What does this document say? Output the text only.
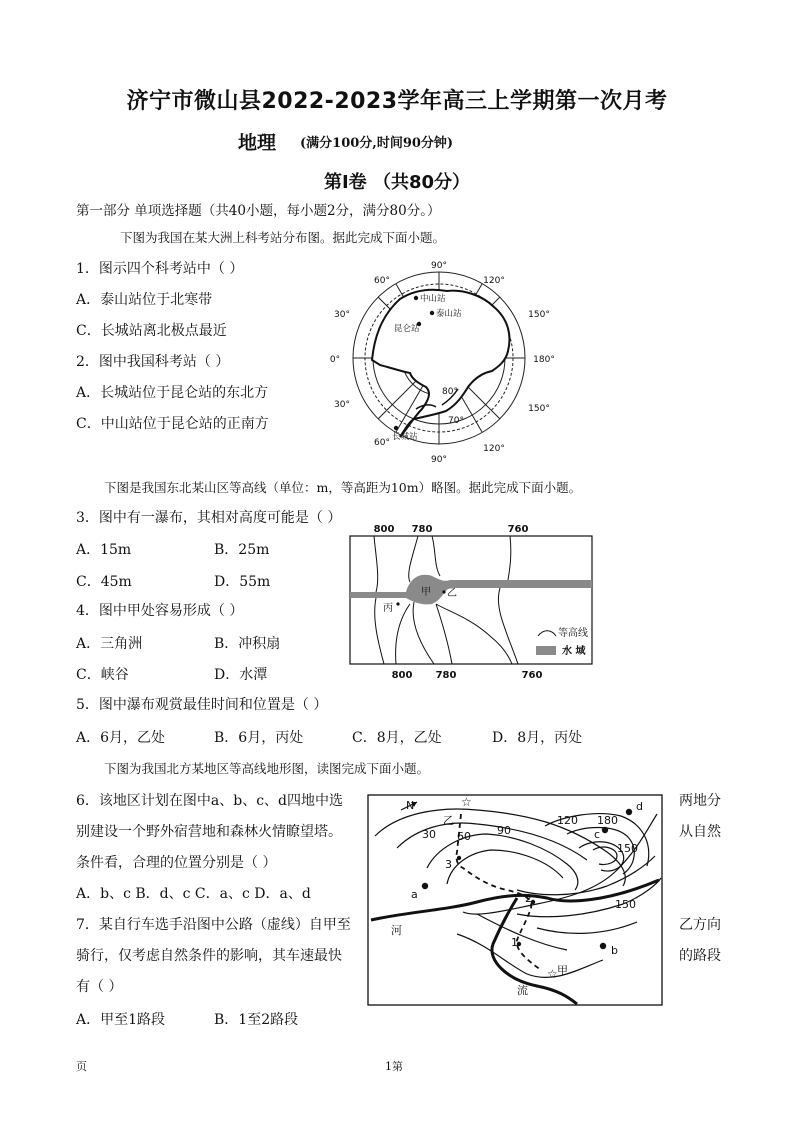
济宁市微山县2022-2023学年高三上学期第一次月考
地理 (满分100分,时间90分钟)
第I卷 （共80分）
第一部分 单项选择题（共40小题，每小题2分，满分80分。）
下图为我国在某大洲上科考站分布图。据此完成下面小题。
1．图示四个科考站中（ ）
A．泰山站位于北寒带
C．长城站离北极点最近
2．图中我国科考站（ ）
A．长城站位于昆仑站的东北方
C．中山站位于昆仑站的正南方
90°
120°
150°
180°
150°
120°
90°
60°
30°
0°
30°
60°
80°
70°
中山站
泰山站
昆仑站
长城站
下图是我国东北某山区等高线（单位：m，等高距为10m）略图。据此完成下面小题。
3．图中有一瀑布，其相对高度可能是（ ）
A．15m	B．25m
C．45m	D．55m
4．图中甲处容易形成（ ）
A．三角洲	B．冲积扇
C．峡谷	D．水潭
5．图中瀑布观赏最佳时间和位置是（ ）
A．6月，乙处	B．6月，丙处	C．8月，乙处	D．8月，丙处
800 780	760
800 780	760
甲 乙
丙
等高线
水 域
下图为我国北方某地区等高线地形图，读图完成下面小题。
6．该地区计划在图中a、b、c、d四地中选	两地分
别建设一个野外宿营地和森林火情瞭望塔。	从自然
条件看，合理的位置分别是（ ）
A．b、c B．d、c C．a、c D．a、d
7．某自行车选手沿图中公路（虚线）自甲至	乙方向
骑行，仅考虑自然条件的影响，其车速最快	的路段
有（ ）
A．甲至1路段	B．1至2路段
N
30 60 90
120 180
150
150
乙
☆
a
b
c
d
☆ 甲
3
2
1
河
流
页	1第
